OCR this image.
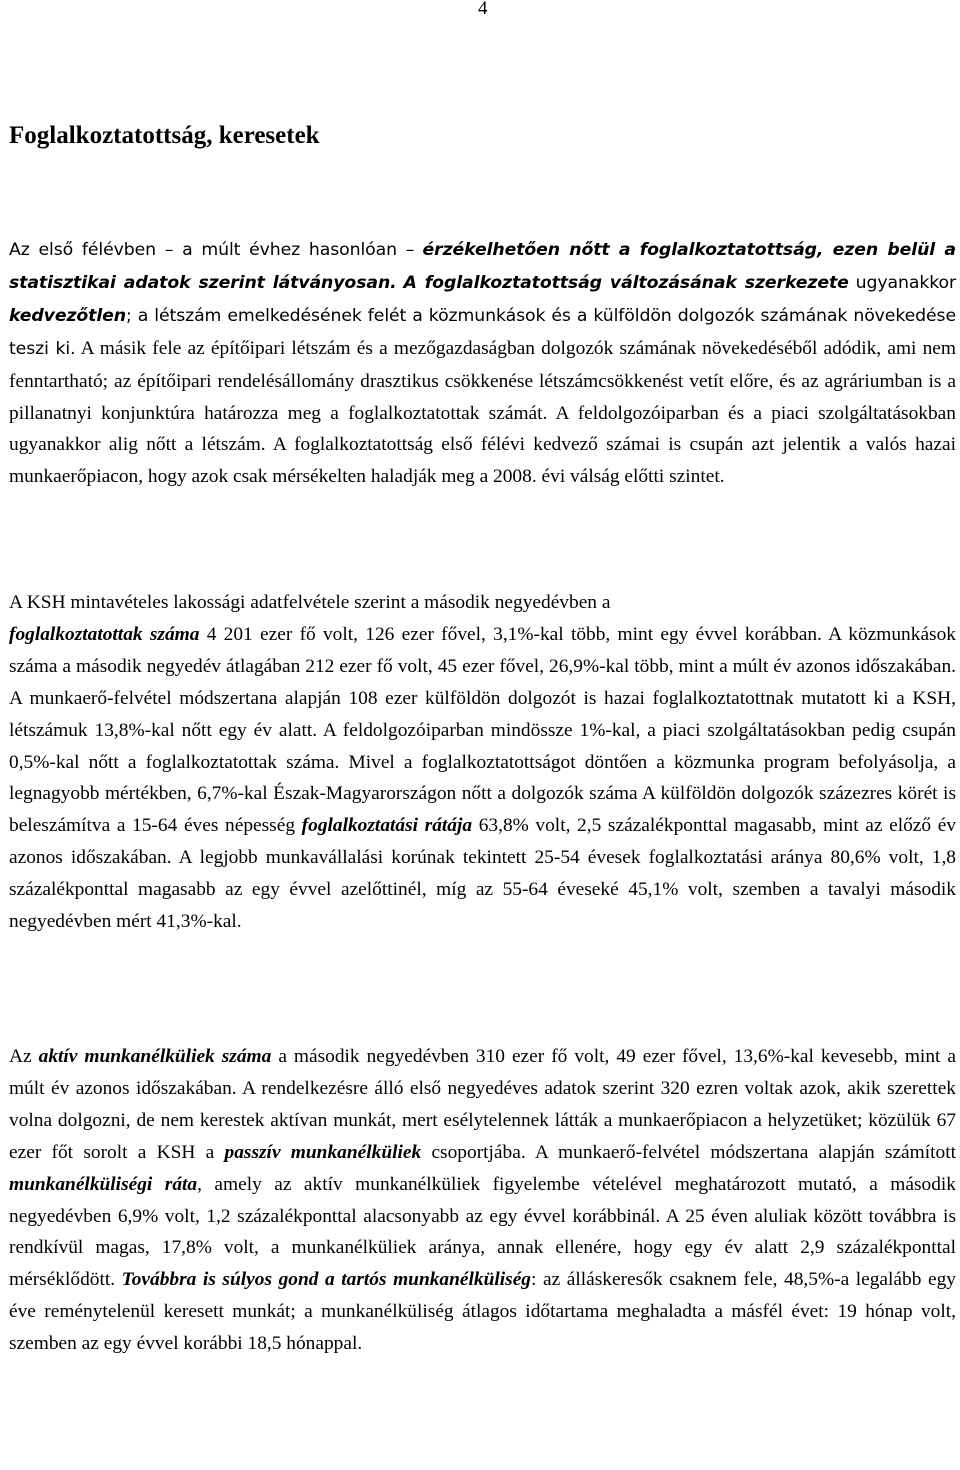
4
Foglalkoztatottság, keresetek

Az első félévben – a múlt évhez hasonlóan – érzékelhetően nőtt a foglalkoztatottság, ezen belül a statisztikai adatok szerint látványosan. A foglalkoztatottság változásának szerkezete ugyanakkor kedvezőtlen; a létszám emelkedésének felét a közmunkások és a külföldön dolgozók számának növekedése teszi ki. A másik fele az építőipari létszám és a mezőgazdaságban dolgozók számának növekedéséből adódik, ami nem fenntartható; az építőipari rendelésállomány drasztikus csökkenése létszámcsökkenést vetít előre, és az agráriumban is a pillanatnyi konjunktúra határozza meg a foglalkoztatottak számát. A feldolgozóiparban és a piaci szolgáltatásokban ugyanakkor alig nőtt a létszám. A foglalkoztatottság első félévi kedvező számai is csupán azt jelentik a valós hazai munkaerőpiacon, hogy azok csak mérsékelten haladják meg a 2008. évi válság előtti szintet.

A KSH mintavételes lakossági adatfelvétele szerint a második negyedévben a
foglalkoztatottak száma 4 201 ezer fő volt, 126 ezer fővel, 3,1%-kal több, mint egy évvel korábban. A közmunkások száma a második negyedév átlagában 212 ezer fő volt, 45 ezer fővel, 26,9%-kal több, mint a múlt év azonos időszakában. A munkaerő-felvétel módszertana alapján 108 ezer külföldön dolgozót is hazai foglalkoztatottnak mutatott ki a KSH, létszámuk 13,8%-kal nőtt egy év alatt. A feldolgozóiparban mindössze 1%-kal, a piaci szolgáltatásokban pedig csupán 0,5%-kal nőtt a foglalkoztatottak száma. Mivel a foglalkoztatottságot döntően a közmunka program befolyásolja, a legnagyobb mértékben, 6,7%-kal Észak-Magyarországon nőtt a dolgozók száma A külföldön dolgozók százezres körét is beleszámítva a 15-64 éves népesség foglalkoztatási rátája 63,8% volt, 2,5 százalékponttal magasabb, mint az előző év azonos időszakában. A legjobb munkavállalási korúnak tekintett 25-54 évesek foglalkoztatási aránya 80,6% volt, 1,8 százalékponttal magasabb az egy évvel azelőttinél, míg az 55-64 éveseké 45,1% volt, szemben a tavalyi második negyedévben mért 41,3%-kal.

Az aktív munkanélküliek száma a második negyedévben 310 ezer fő volt, 49 ezer fővel, 13,6%-kal kevesebb, mint a múlt év azonos időszakában. A rendelkezésre álló első negyedéves adatok szerint 320 ezren voltak azok, akik szerettek volna dolgozni, de nem kerestek aktívan munkát, mert esélytelennek látták a munkaerőpiacon a helyzetüket; közülük 67 ezer főt sorolt a KSH a passzív munkanélküliek csoportjába. A munkaerő-felvétel módszertana alapján számított munkanélküliségi ráta, amely az aktív munkanélküliek figyelembe vételével meghatározott mutató, a második negyedévben 6,9% volt, 1,2 százalékponttal alacsonyabb az egy évvel korábbinál. A 25 éven aluliak között továbbra is rendkívül magas, 17,8% volt, a munkanélküliek aránya, annak ellenére, hogy egy év alatt 2,9 százalékponttal mérséklődött. Továbbra is súlyos gond a tartós munkanélküliség: az álláskeresők csaknem fele, 48,5%-a legalább egy éve reménytelenül keresett munkát; a munkanélküliség átlagos időtartama meghaladta a másfél évet: 19 hónap volt, szemben az egy évvel korábbi 18,5 hónappal.
